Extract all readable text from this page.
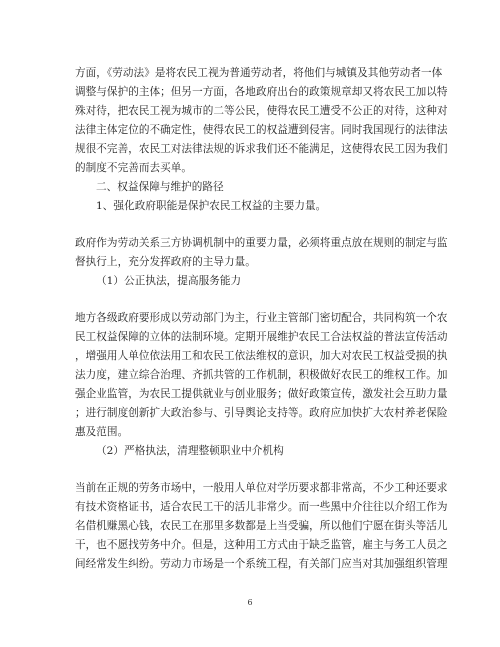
方面，《劳动法》是将农民工视为普通劳动者，将他们与城镇及其他劳动者一体
调整与保护的主体；但另一方面，各地政府出台的政策规章却又将农民工加以特
殊对待，把农民工视为城市的二等公民，使得农民工遭受不公正的对待，这种对
法律主体定位的不确定性，使得农民工的权益遭到侵害。同时我国现行的法律法
规很不完善，农民工对法律法规的诉求我们还不能满足，这使得农民工因为我们
的制度不完善而去买单。
二、权益保障与维护的路径
1、强化政府职能是保护农民工权益的主要力量。
政府作为劳动关系三方协调机制中的重要力量，必须将重点放在规则的制定与监
督执行上，充分发挥政府的主导力量。
（1）公正执法，提高服务能力
地方各级政府要形成以劳动部门为主，行业主管部门密切配合，共同构筑一个农
民工权益保障的立体的法制环境。定期开展维护农民工合法权益的普法宣传活动
，增强用人单位依法用工和农民工依法维权的意识，加大对农民工权益受损的执
法力度，建立综合治理、齐抓共管的工作机制，积极做好农民工的维权工作。加
强企业监管，为农民工提供就业与创业服务；做好政策宣传，激发社会互助力量
；进行制度创新扩大政治参与、引导舆论支持等。政府应加快扩大农村养老保险
惠及范围。
（2）严格执法，清理整顿职业中介机构
当前在正规的劳务市场中，一般用人单位对学历要求都非常高，不少工种还要求
有技术资格证书，适合农民工干的活儿非常少。而一些黑中介往往以介绍工作为
名借机赚黑心钱，农民工在那里多数都是上当受骗，所以他们宁愿在街头等活儿
干，也不愿找劳务中介。但是，这种用工方式由于缺乏监管，雇主与务工人员之
间经常发生纠纷。劳动力市场是一个系统工程，有关部门应当对其加强组织管理
6
